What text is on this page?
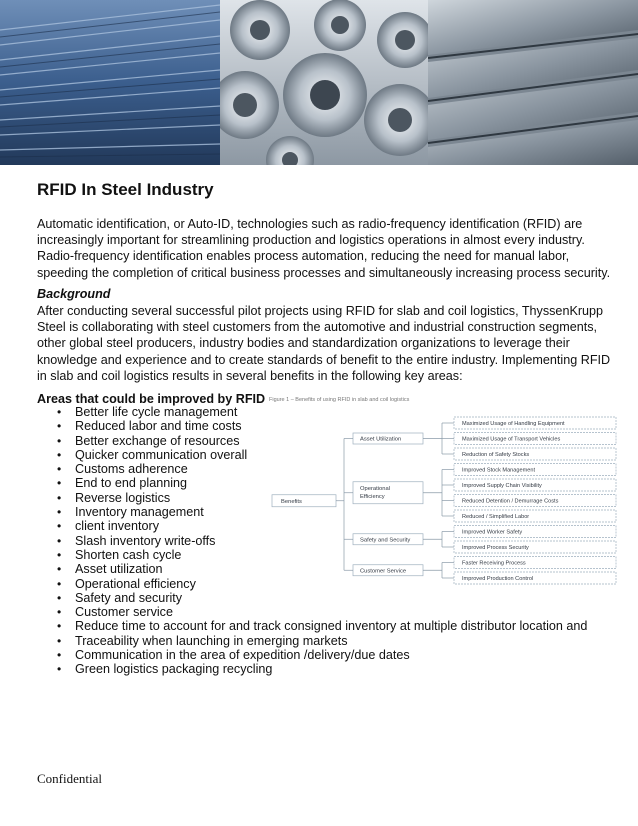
RFID In Steel Industry

Automatic identification, or Auto-ID, technologies such as radio-frequency identification (RFID) are increasingly important for streamlining production and logistics operations in almost every industry. Radio-frequency identification enables process automation, reducing the need for manual labor, speeding the completion of critical business processes and simultaneously increasing process security.

Background

After conducting several successful pilot projects using RFID for slab and coil logistics, ThyssenKrupp Steel is collaborating with steel customers from the automotive and industrial construction segments, other global steel producers, industry bodies and standardization organizations to leverage their knowledge and experience and to create standards of benefit to the entire industry. Implementing RFID in slab and coil logistics results in several benefits in the following key areas:

Areas that could be improved by RFID

• Better life cycle management
• Reduced labor and time costs
• Better exchange of resources
• Quicker communication overall
• Customs adherence
• End to end planning
• Reverse logistics
• Inventory management
• client inventory
• Slash inventory write-offs
• Shorten cash cycle
• Asset utilization
• Operational efficiency
• Safety and security
• Customer service
• Reduce time to account for and track consigned inventory at multiple distributor location and
• Traceability when launching in emerging markets
• Communication in the area of expedition /delivery/due dates
• Green logistics packaging recycling
Figure 1 – Benefits of using RFID in slab and coil logistics
Maximized Usage of Handling Equipment
Maximized Usage of Transport Vehicles
Reduction of Safety Stocks
Asset Utilization
Improved Stock Management
Improved Supply Chain Visibility
Reduced Detention / Demurrage Costs
Reduced / Simplified Labor
Operational
Efficiency
Improved Worker Safety
Improved Process Security
Safety and Security
Faster Receiving Process
Improved Production Control
Customer Service
Benefits

Confidential
